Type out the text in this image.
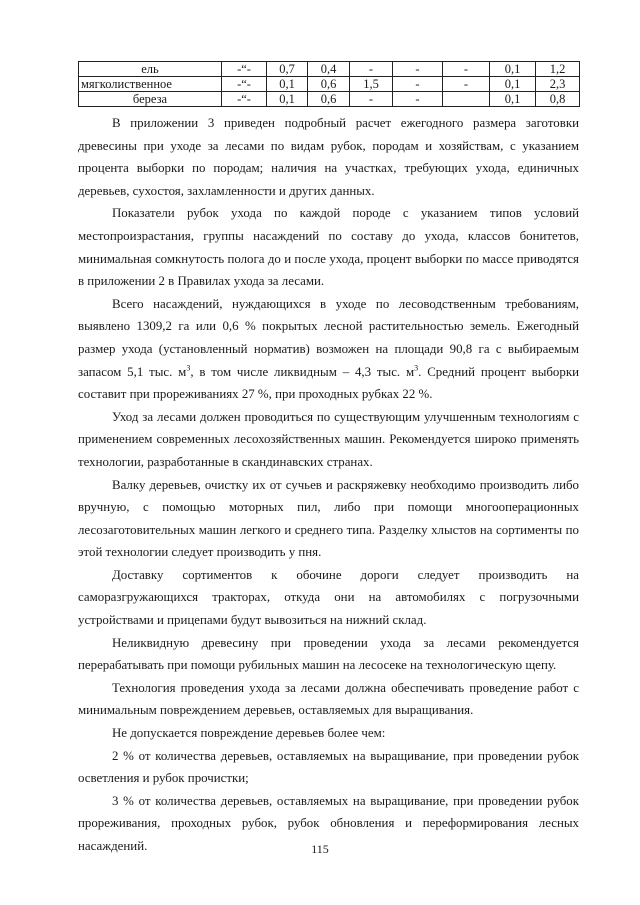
ель	-“-	0,7	0,4	-	-	-	0,1	1,2
мягколиственное	-“-	0,1	0,6	1,5	-	-	0,1	2,3
береза	-“-	0,1	0,6	-	-		0,1	0,8

В приложении 3 приведен подробный расчет ежегодного размера заготовки древесины при уходе за лесами по видам рубок, породам и хозяйствам, с указанием процента выборки по породам; наличия на участках, требующих ухода, единичных деревьев, сухостоя, захламленности и других данных.

Показатели рубок ухода по каждой породе с указанием типов условий местопроизрастания, группы насаждений по составу до ухода, классов бонитетов, минимальная сомкнутость полога до и после ухода, процент выборки по массе приводятся в приложении 2 в Правилах ухода за лесами.

Всего насаждений, нуждающихся в уходе по лесоводственным требованиям, выявлено 1309,2 га или 0,6 % покрытых лесной растительностью земель. Ежегодный размер ухода (установленный норматив) возможен на площади 90,8 га с выбираемым запасом 5,1 тыс. $м^3$, в том числе ликвидным – 4,3 тыс. $м^3$. Средний процент выборки составит при прореживаниях 27 %, при проходных рубках 22 %.

Уход за лесами должен проводиться по существующим улучшенным технологиям с применением современных лесохозяйственных машин. Рекомендуется широко применять технологии, разработанные в скандинавских странах.

Валку деревьев, очистку их от сучьев и раскряжевку необходимо производить либо вручную, с помощью моторных пил, либо при помощи многооперационных лесозаготовительных машин легкого и среднего типа. Разделку хлыстов на сортименты по этой технологии следует производить у пня.

Доставку сортиментов к обочине дороги следует производить на саморазгружающихся тракторах, откуда они на автомобилях с погрузочными устройствами и прицепами будут вывозиться на нижний склад.

Неликвидную древесину при проведении ухода за лесами рекомендуется перерабатывать при помощи рубильных машин на лесосеке на технологическую щепу.

Технология проведения ухода за лесами должна обеспечивать проведение работ с минимальным повреждением деревьев, оставляемых для выращивания.

Не допускается повреждение деревьев более чем:

2 % от количества деревьев, оставляемых на выращивание, при проведении рубок осветления и рубок прочистки;

3 % от количества деревьев, оставляемых на выращивание, при проведении рубок прореживания, проходных рубок, рубок обновления и переформирования лесных насаждений.	115
